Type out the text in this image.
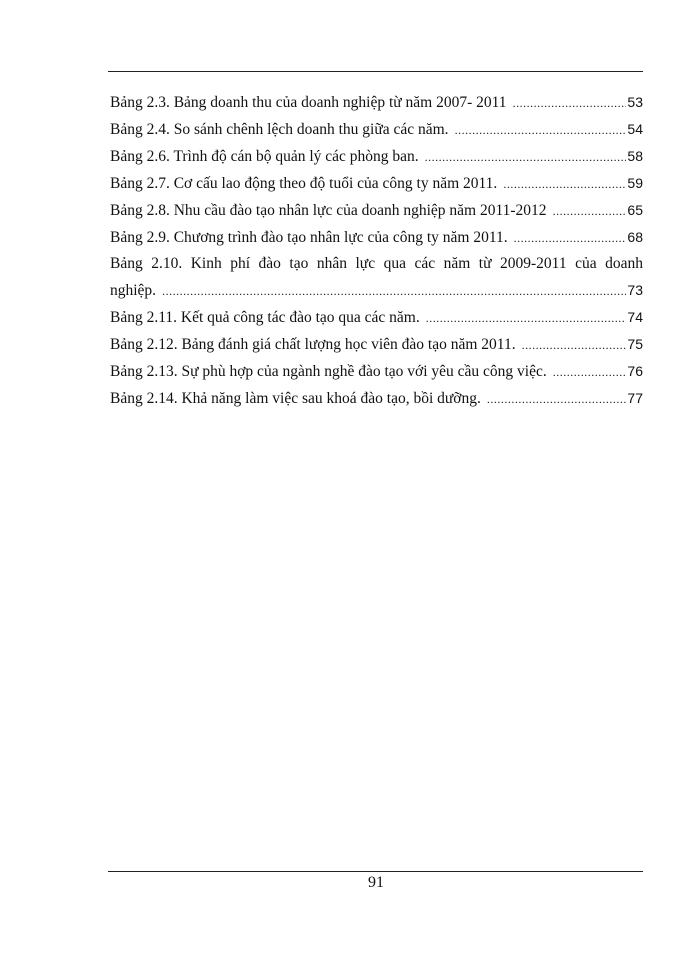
Bảng 2.3. Bảng doanh thu của doanh nghiệp từ năm 2007- 2011 .....	53
Bảng 2.4. So sánh chênh lệch doanh thu giữa các năm. .....	54
Bảng 2.6. Trình độ cán bộ quản lý các phòng ban. .....	58
Bảng 2.7. Cơ cấu lao động theo độ tuổi của công ty năm 2011. .....	59
Bảng 2.8. Nhu cầu đào tạo nhân lực của doanh nghiệp năm 2011-2012 .....	65
Bảng 2.9. Chương trình đào tạo nhân lực của công ty năm 2011. .....	68
Bảng 2.10. Kinh phí đào tạo nhân lực qua các năm từ 2009-2011 của doanh
nghiệp. .....	73
Bảng 2.11. Kết quả công tác đào tạo qua các năm. .....	74
Bảng 2.12. Bảng đánh giá chất lượng học viên đào tạo năm 2011. .....	75
Bảng 2.13. Sự phù hợp của ngành nghề đào tạo với yêu cầu công việc. .....	76
Bảng 2.14. Khả năng làm việc sau khoá đào tạo, bồi dưỡng. .....	77
91
